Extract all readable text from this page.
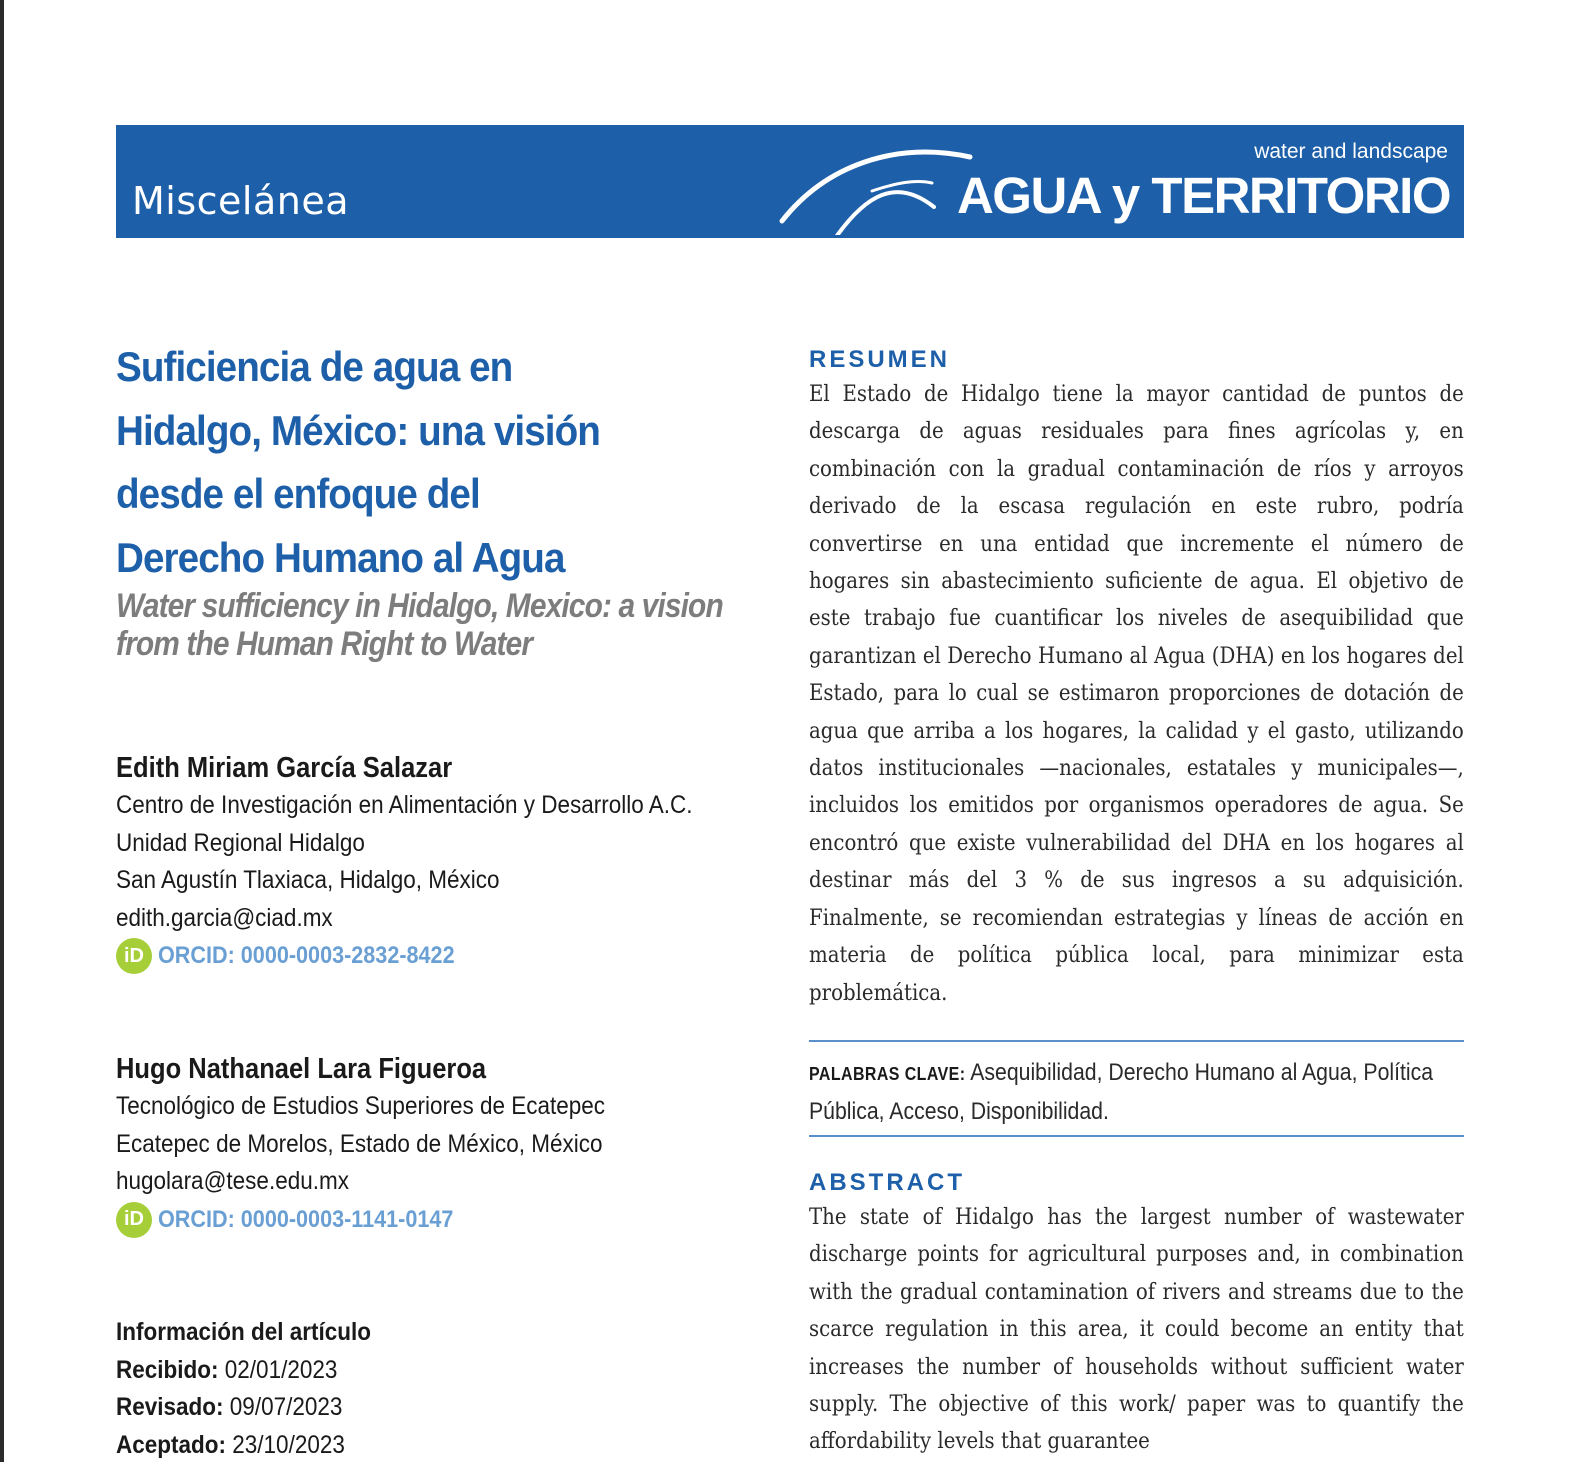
Miscelánea
water and landscape
AGUA y TERRITORIO
Suficiencia de agua en Hidalgo, México: una visión desde el enfoque del Derecho Humano al Agua
Water sufficiency in Hidalgo, Mexico: a vision from the Human Right to Water
Edith Miriam García Salazar
Centro de Investigación en Alimentación y Desarrollo A.C.
Unidad Regional Hidalgo
San Agustín Tlaxiaca, Hidalgo, México
edith.garcia@ciad.mx
iD ORCID: 0000-0003-2832-8422
Hugo Nathanael Lara Figueroa
Tecnológico de Estudios Superiores de Ecatepec
Ecatepec de Morelos, Estado de México, México
hugolara@tese.edu.mx
iD ORCID: 0000-0003-1141-0147
Información del artículo
Recibido: 02/01/2023
Revisado: 09/07/2023
Aceptado: 23/10/2023
RESUMEN

El Estado de Hidalgo tiene la mayor cantidad de puntos de descarga de aguas residuales para fines agrícolas y, en combinación con la gradual contaminación de ríos y arroyos derivado de la escasa regulación en este rubro, podría convertirse en una entidad que incremente el número de hogares sin abastecimiento suficiente de agua. El objetivo de este trabajo fue cuantificar los niveles de asequibilidad que garantizan el Derecho Humano al Agua (DHA) en los hogares del Estado, para lo cual se estimaron proporciones de dotación de agua que arriba a los hogares, la calidad y el gasto, utilizando datos institucionales —nacionales, estatales y municipales—, incluidos los emitidos por organismos operadores de agua. Se encontró que existe vulnerabilidad del DHA en los hogares al destinar más del 3 % de sus ingresos a su adquisición. Finalmente, se recomiendan estrategias y líneas de acción en materia de política pública local, para minimizar esta problemática.

PALABRAS CLAVE: Asequibilidad, Derecho Humano al Agua, Política Pública, Acceso, Disponibilidad.
ABSTRACT

The state of Hidalgo has the largest number of wastewater discharge points for agricultural purposes and, in combination with the gradual contamination of rivers and streams due to the scarce regulation in this area, it could become an entity that increases the number of households without sufficient water supply. The objective of this work/ paper was to quantify the affordability levels that guarantee
